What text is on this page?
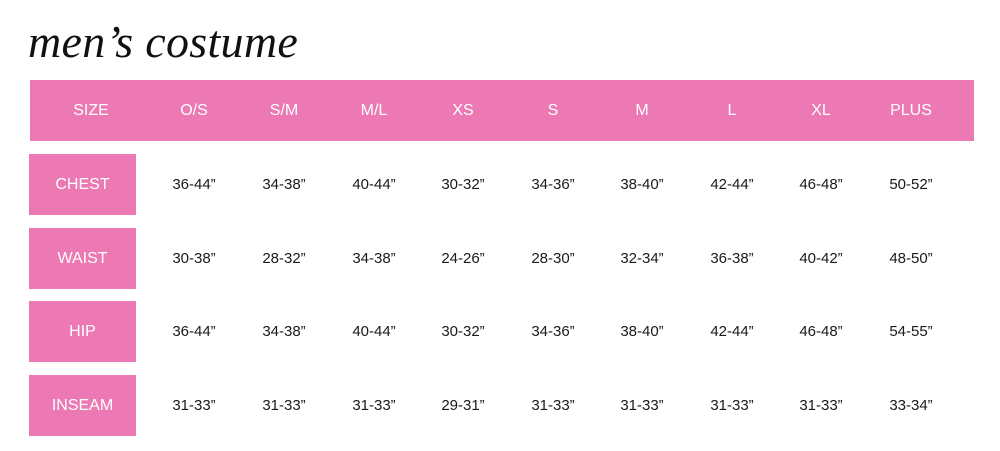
men’s costume
SIZE	O/S	S/M	M/L	XS	S	M	L	XL	PLUS
CHEST	36-44”	34-38”	40-44”	30-32”	34-36”	38-40”	42-44”	46-48”	50-52”
WAIST	30-38”	28-32”	34-38”	24-26”	28-30”	32-34”	36-38”	40-42”	48-50”
HIP	36-44”	34-38”	40-44”	30-32”	34-36”	38-40”	42-44”	46-48”	54-55”
INSEAM	31-33”	31-33”	31-33”	29-31”	31-33”	31-33”	31-33”	31-33”	33-34”
